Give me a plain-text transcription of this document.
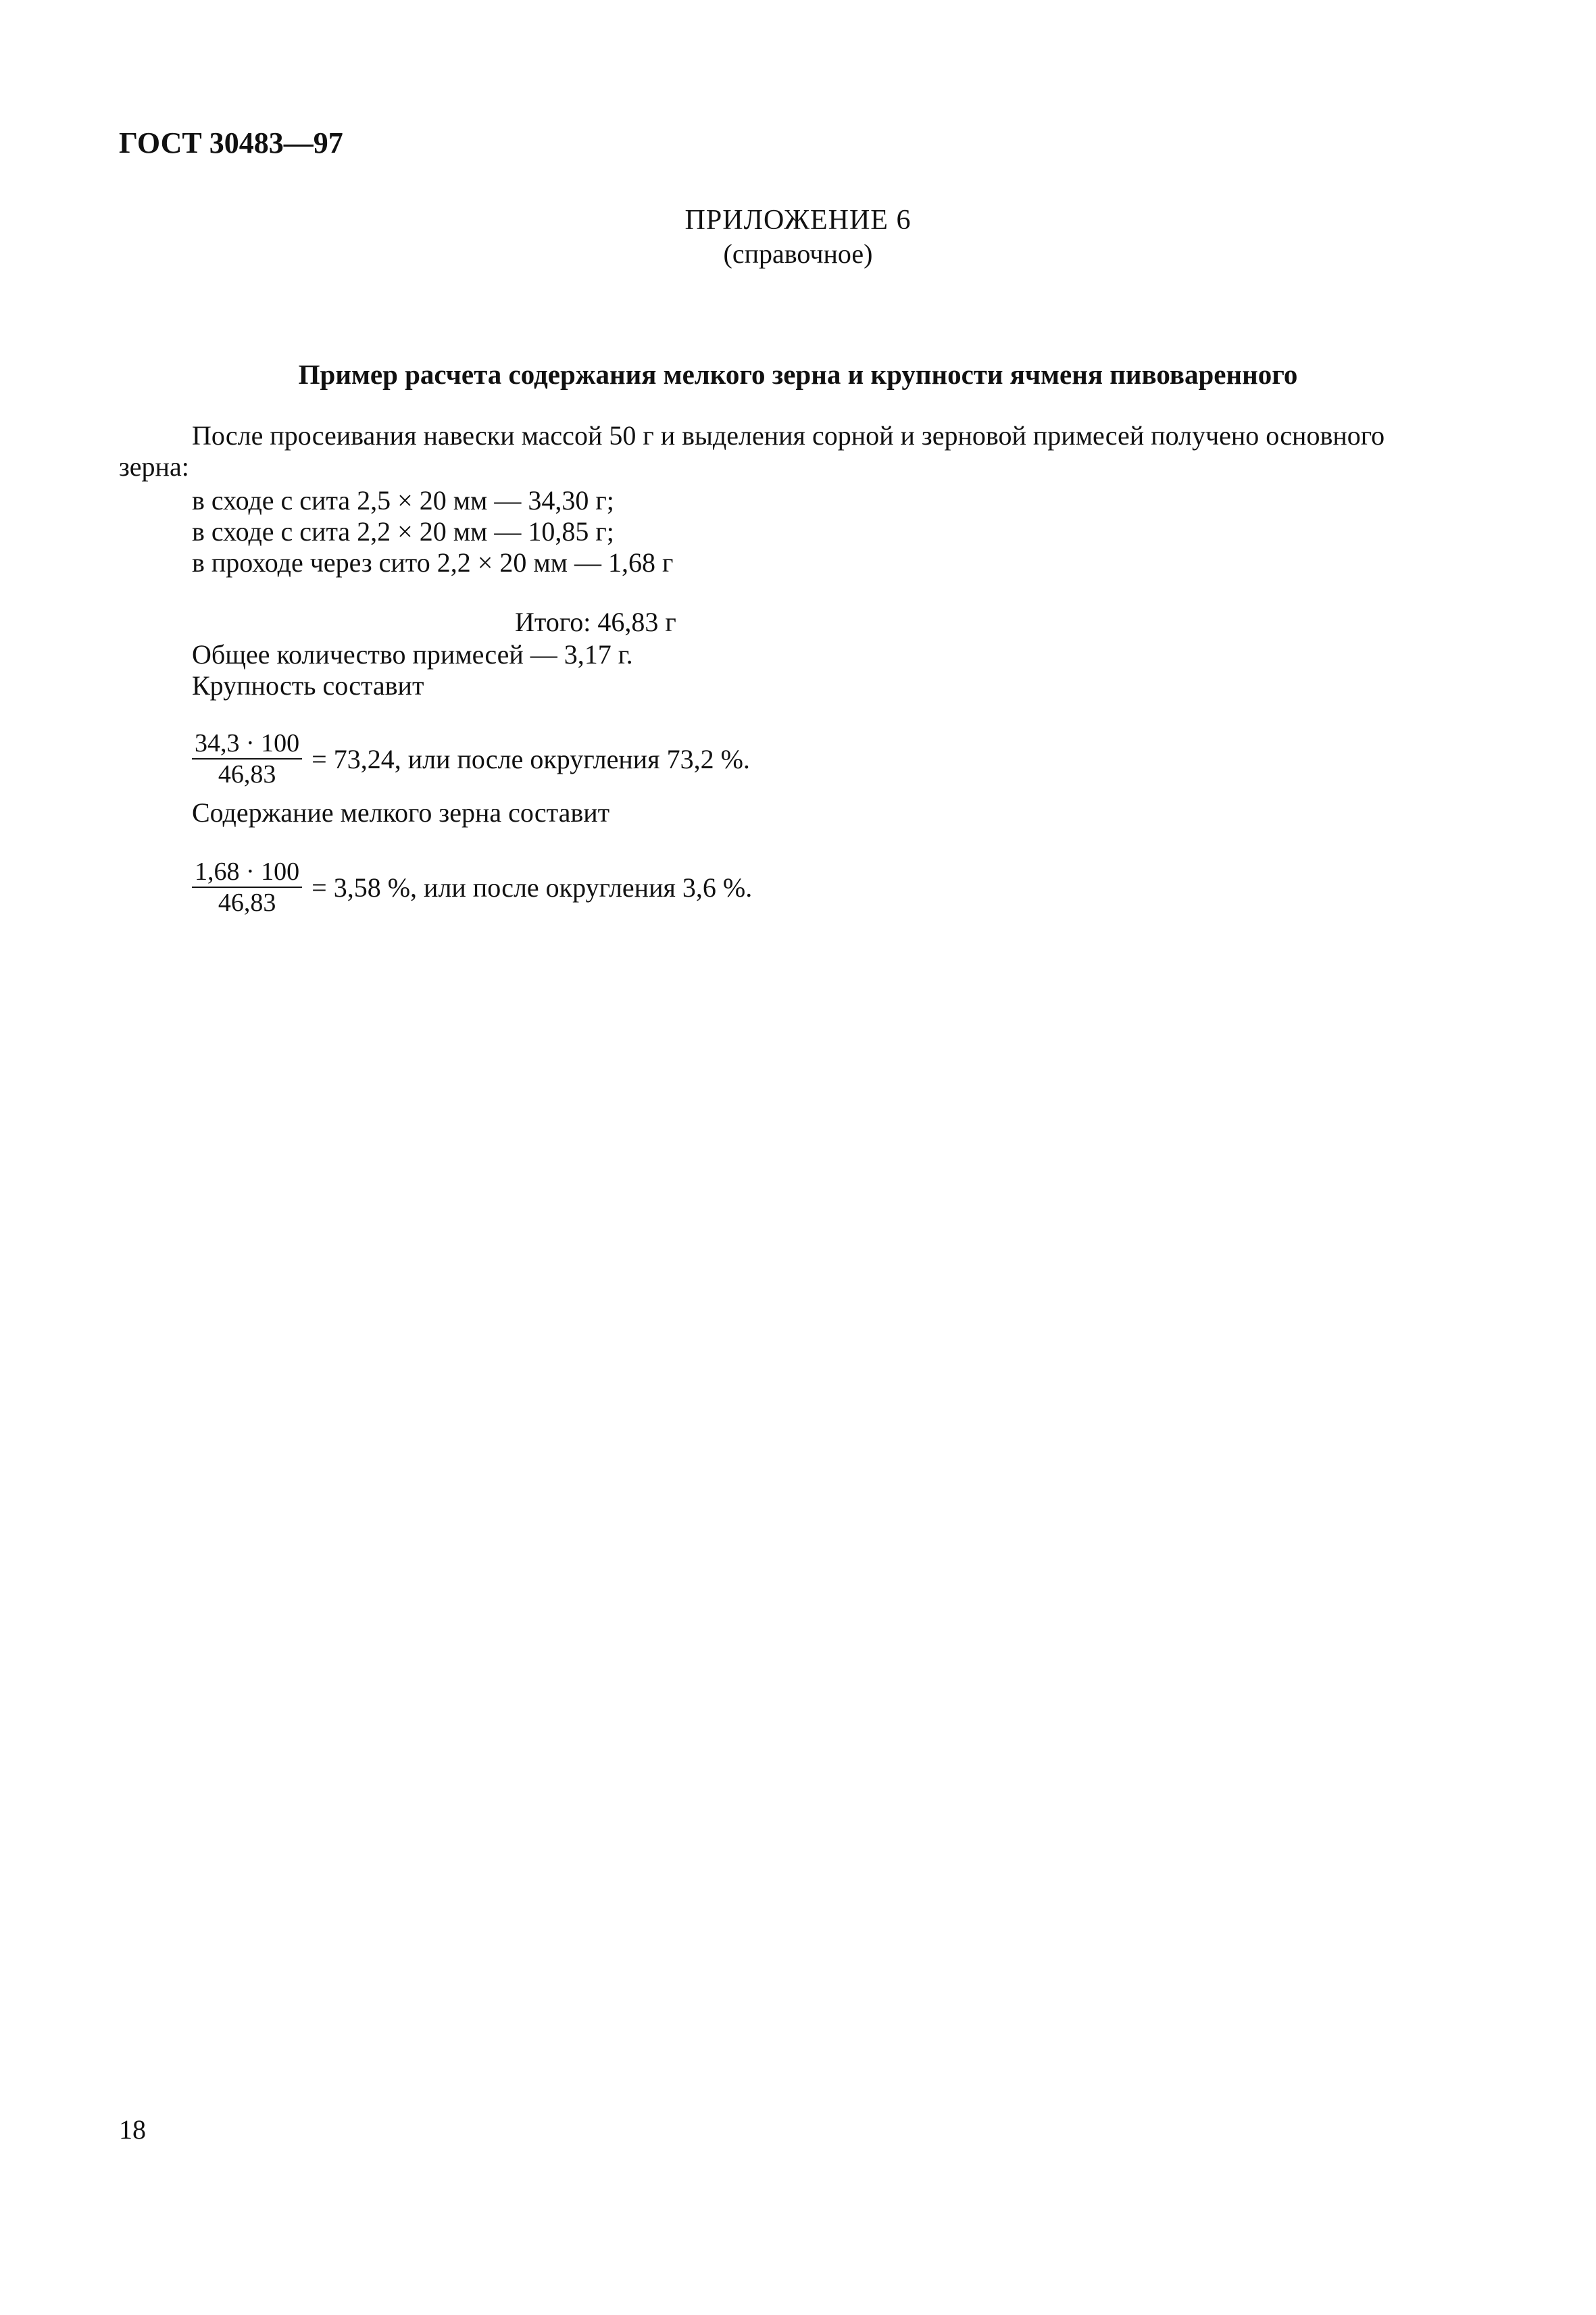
ГОСТ 30483—97
ПРИЛОЖЕНИЕ 6
(справочное)
Пример расчета содержания мелкого зерна и крупности ячменя пивоваренного
После просеивания навески массой 50 г и выделения сорной и зерновой примесей получено основного
зерна:
в сходе с сита 2,5 × 20 мм — 34,30 г;
в сходе с сита 2,2 × 20 мм — 10,85 г;
в проходе через сито 2,2 × 20 мм — 1,68 г
Итого: 46,83 г
Общее количество примесей — 3,17 г.
Крупность составит
$\frac{34,3 \cdot 100}{46,83} = 73,24$, или после округления 73,2 %.
Содержание мелкого зерна составит
$\frac{1,68 \cdot 100}{46,83} = 3,58$ %, или после округления 3,6 %.
18
